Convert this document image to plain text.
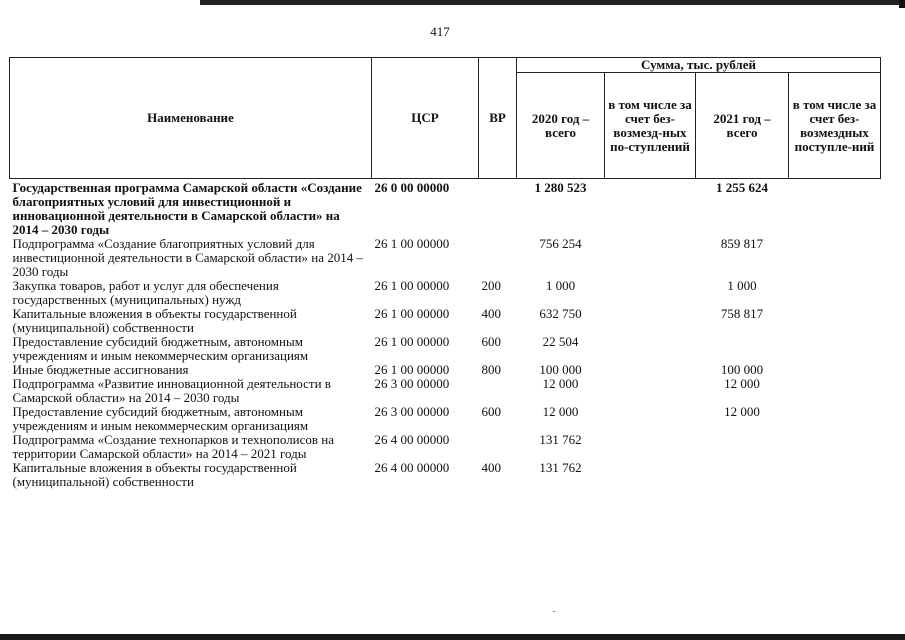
417
Наименование	ЦСР	ВР	Сумма, тыс. рублей			
			2020 год – всего	в том числе за счет без-возмезд-ных по-ступлений	2021 год – всего	в том числе за счет без-возмездных поступле-ний
Государственная программа Самарской области «Создание благоприятных условий для инвестиционной и инновационной деятельности в Самарской области» на 2014 – 2030 годы	26 0 00 00000		1 280 523		1 255 624	
Подпрограмма «Создание благоприятных условий для инвестиционной деятельности в Самарской области» на 2014 – 2030 годы	26 1 00 00000		756 254		859 817	
Закупка товаров, работ и услуг для обеспечения государственных (муниципальных) нужд	26 1 00 00000	200	1 000		1 000	
Капитальные вложения в объекты государственной (муниципальной) собственности	26 1 00 00000	400	632 750		758 817	
Предоставление субсидий бюджетным, автономным учреждениям и иным некоммерческим организациям	26 1 00 00000	600	22 504			
Иные бюджетные ассигнования	26 1 00 00000	800	100 000		100 000	
Подпрограмма «Развитие инновационной деятельности в Самарской области» на 2014 – 2030 годы	26 3 00 00000		12 000		12 000	
Предоставление субсидий бюджетным, автономным учреждениям и иным некоммерческим организациям	26 3 00 00000	600	12 000		12 000	
Подпрограмма «Создание технопарков и технополисов на территории Самарской области» на 2014 – 2021 годы	26 4 00 00000		131 762			
Капитальные вложения в объекты государственной (муниципальной) собственности	26 4 00 00000	400	131 762			
